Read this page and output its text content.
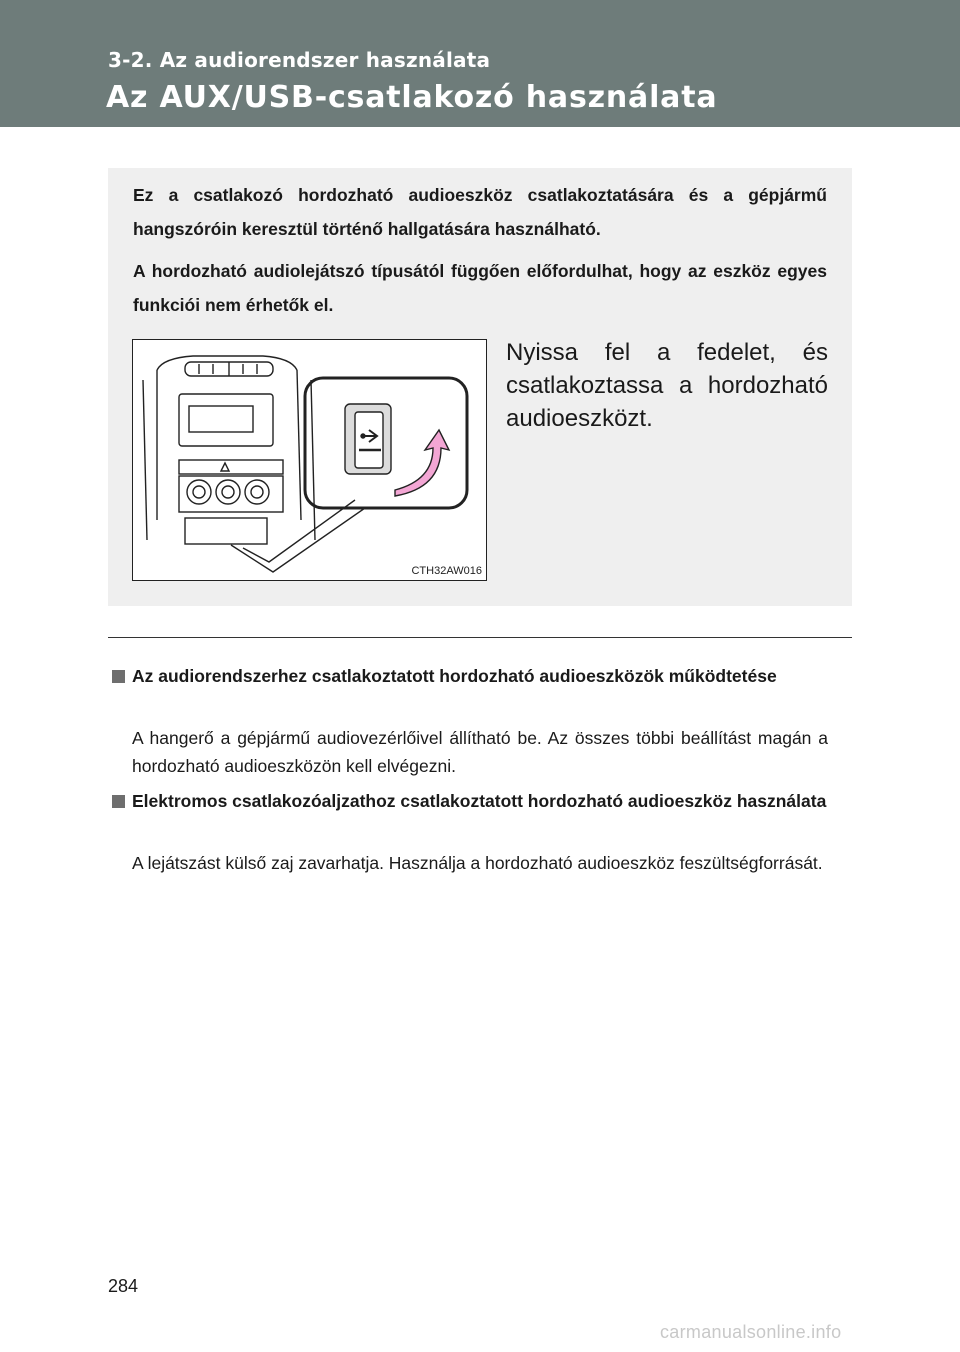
3-2. Az audiorendszer használata
Az AUX/USB-csatlakozó használata

Ez a csatlakozó hordozható audioeszköz csatlakoztatására és a gépjármű hangszóróin keresztül történő hallgatására használható.

A hordozható audiolejátszó típusától függően előfordulhat, hogy az eszköz egyes funkciói nem érhetők el.

CTH32AW016

Nyissa fel a fedelet, és csatlakoztassa a hordozható audioeszközt.

Az audiorendszerhez csatlakoztatott hordozható audioeszközök működtetése

A hangerő a gépjármű audiovezérlőivel állítható be. Az összes többi beállítást magán a hordozható audioeszközön kell elvégezni.

Elektromos csatlakozóaljzathoz csatlakoztatott hordozható audioeszköz használata

A lejátszást külső zaj zavarhatja. Használja a hordozható audioeszköz feszültségforrását.

284
carmanualsonline.info
